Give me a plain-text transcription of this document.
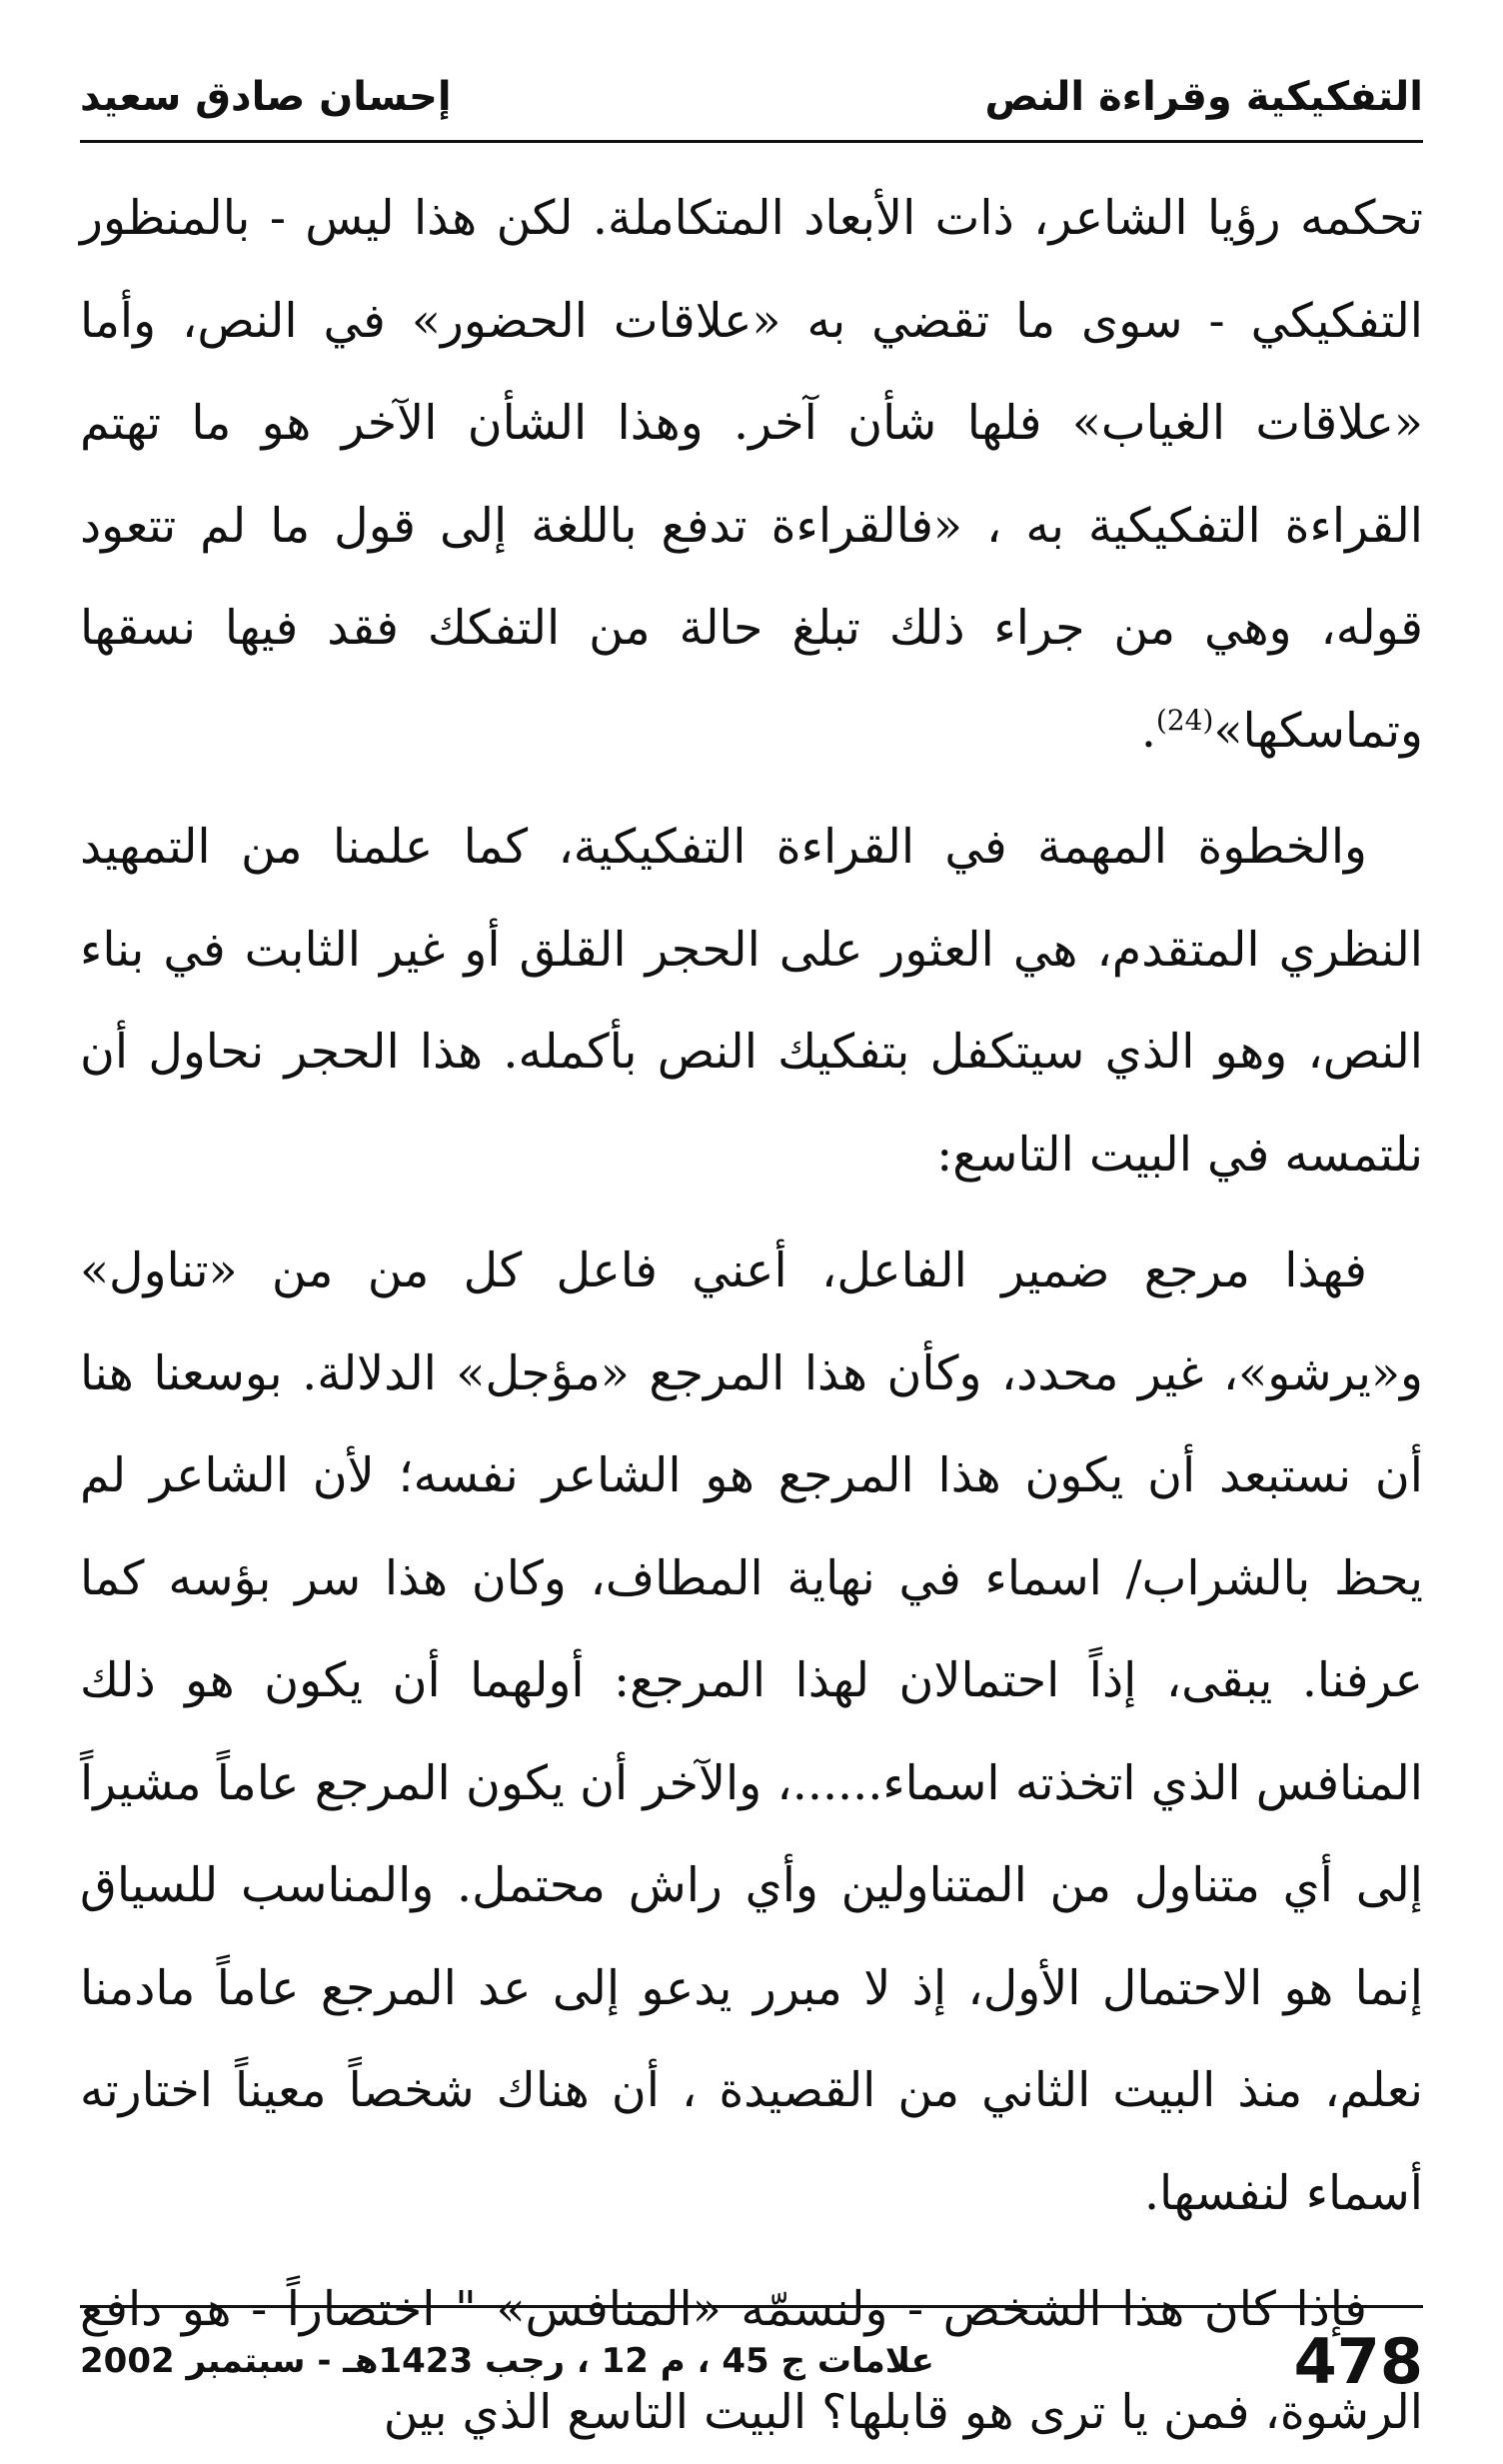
التفكيكية وقراءة النص
إحسان صادق سعيد

تحكمه رؤيا الشاعر، ذات الأبعاد المتكاملة. لكن هذا ليس - بالمنظور التفكيكي - سوى ما تقضي به «علاقات الحضور» في النص، وأما «علاقات الغياب» فلها شأن آخر. وهذا الشأن الآخر هو ما تهتم القراءة التفكيكية به ، «فالقراءة تدفع باللغة إلى قول ما لم تتعود قوله، وهي من جراء ذلك تبلغ حالة من التفكك فقد فيها نسقها وتماسكها»$^{(24)}$.

والخطوة المهمة في القراءة التفكيكية، كما علمنا من التمهيد النظري المتقدم، هي العثور على الحجر القلق أو غير الثابت في بناء النص، وهو الذي سيتكفل بتفكيك النص بأكمله. هذا الحجر نحاول أن نلتمسه في البيت التاسع:

فهذا مرجع ضمير الفاعل، أعني فاعل كل من من «تناول» و«يرشو»، غير محدد، وكأن هذا المرجع «مؤجل» الدلالة. بوسعنا هنا أن نستبعد أن يكون هذا المرجع هو الشاعر نفسه؛ لأن الشاعر لم يحظ بالشراب/ اسماء في نهاية المطاف، وكان هذا سر بؤسه كما عرفنا. يبقى، إذاً احتمالان لهذا المرجع: أولهما أن يكون هو ذلك المنافس الذي اتخذته اسماء......، والآخر أن يكون المرجع عاماً مشيراً إلى أي متناول من المتناولين وأي راش محتمل. والمناسب للسياق إنما هو الاحتمال الأول، إذ لا مبرر يدعو إلى عد المرجع عاماً مادمنا نعلم، منذ البيت الثاني من القصيدة ، أن هناك شخصاً معيناً اختارته أسماء لنفسها.

فإذا كان هذا الشخص - ولنسمّه «المنافس» " اختصاراً - هو دافع الرشوة، فمن يا ترى هو قابلها؟ البيت التاسع الذي بين

478
علامات ج 45 ، م 12 ، رجب 1423هـ - سبتمبر 2002
